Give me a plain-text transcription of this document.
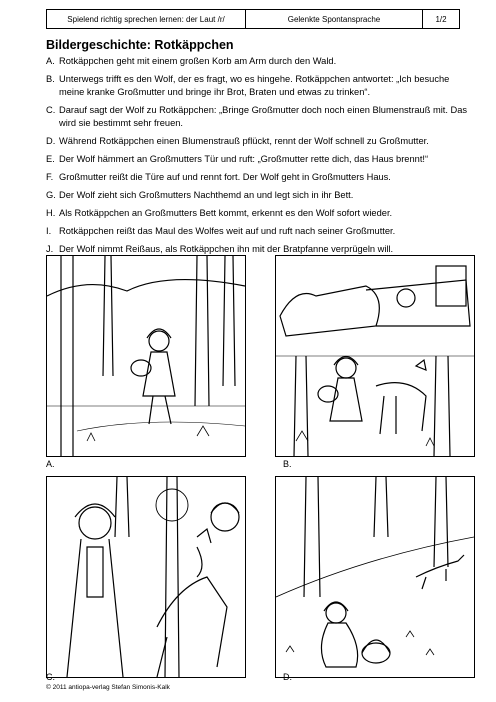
Spielend richtig sprechen lernen: der Laut /r/	Gelenkte Spontansprache	1/2
Bildergeschichte: Rotkäppchen
A. Rotkäppchen geht mit einem großen Korb am Arm durch den Wald.
B. Unterwegs trifft es den Wolf, der es fragt, wo es hingehe. Rotkäppchen antwortet: „Ich besuche meine kranke Großmutter und bringe ihr Brot, Braten und etwas zu trinken“.
C. Darauf sagt der Wolf zu Rotkäppchen: „Bringe Großmutter doch noch einen Blumenstrauß mit. Das wird sie bestimmt sehr freuen.
D. Während Rotkäppchen einen Blumenstrauß pflückt, rennt der Wolf schnell zu Großmutter.
E. Der Wolf hämmert an Großmutters Tür und ruft: „Großmutter rette dich, das Haus brennt!“
F. Großmutter reißt die Türe auf und rennt fort. Der Wolf geht in Großmutters Haus.
G. Der Wolf zieht sich Großmutters Nachthemd an und legt sich in ihr Bett.
H. Als Rotkäppchen an Großmutters Bett kommt, erkennt es den Wolf sofort wieder.
I. Rotkäppchen reißt das Maul des Wolfes weit auf und ruft nach seiner Großmutter.
J. Der Wolf nimmt Reißaus, als Rotkäppchen ihn mit der Bratpfanne verprügeln will.
A.	B.
C.	D.
© 2011 antiopa-verlag Stefan Simonis-Kalk
